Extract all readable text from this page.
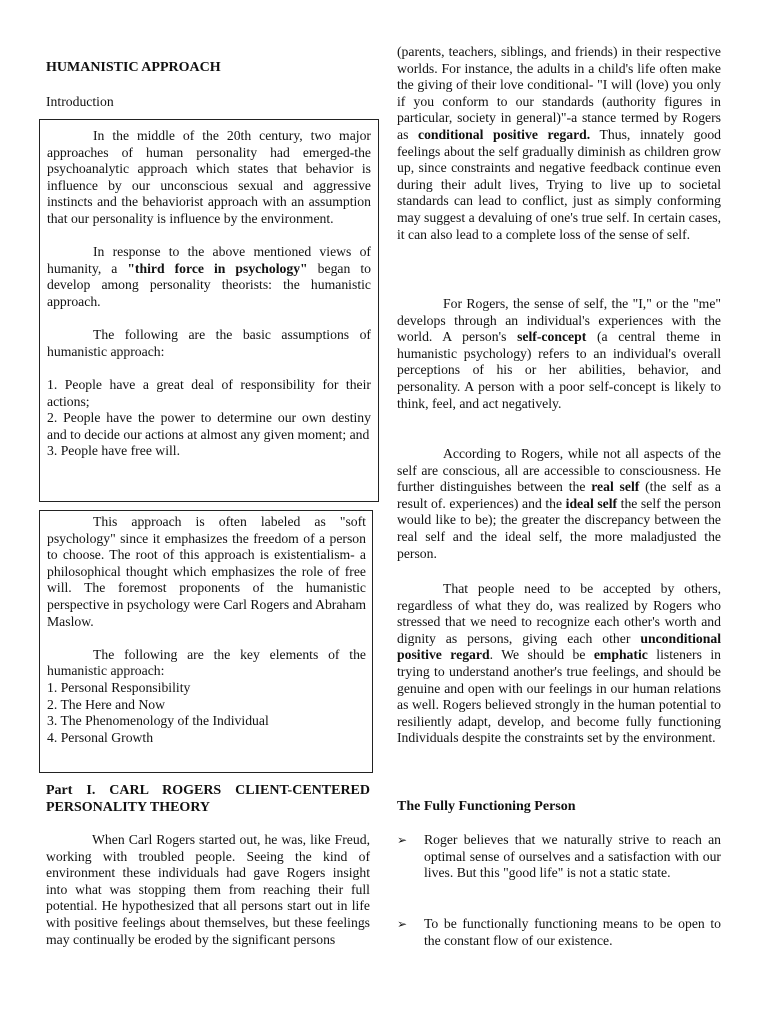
HUMANISTIC APPROACH

Introduction

In the middle of the 20th century, two major approaches of human personality had emerged-the psychoanalytic approach which states that behavior is influence by our unconscious sexual and aggressive instincts and the behaviorist approach with an assumption that our personality is influence by the environment.

In response to the above mentioned views of humanity, a "third force in psychology" began to develop among personality theorists: the humanistic approach.

The following are the basic assumptions of humanistic approach:

1. People have a great deal of responsibility for their actions;
2. People have the power to determine our own destiny and to decide our actions at almost any given moment; and
3. People have free will.

This approach is often labeled as "soft psychology" since it emphasizes the freedom of a person to choose. The root of this approach is existentialism- a philosophical thought which emphasizes the role of free will. The foremost proponents of the humanistic perspective in psychology were Carl Rogers and Abraham Maslow.

The following are the key elements of the humanistic approach:

1. Personal Responsibility
2. The Here and Now
3. The Phenomenology of the Individual
4. Personal Growth

Part I. CARL ROGERS CLIENT-CENTERED PERSONALITY THEORY

When Carl Rogers started out, he was, like Freud, working with troubled people. Seeing the kind of environment these individuals had gave Rogers insight into what was stopping them from reaching their full potential. He hypothesized that all persons start out in life with positive feelings about themselves, but these feelings may continually be eroded by the significant persons

(parents, teachers, siblings, and friends) in their respective worlds. For instance, the adults in a child's life often make the giving of their love conditional- "I will (love) you only if you conform to our standards (authority figures in particular, society in general)"-a stance termed by Rogers as conditional positive regard. Thus, innately good feelings about the self gradually diminish as children grow up, since constraints and negative feedback continue even during their adult lives, Trying to live up to societal standards can lead to conflict, just as simply conforming may suggest a devaluing of one's true self. In certain cases, it can also lead to a complete loss of the sense of self.

For Rogers, the sense of self, the "I," or the "me" develops through an individual's experiences with the world. A person's self-concept (a central theme in humanistic psychology) refers to an individual's overall perceptions of his or her abilities, behavior, and personality. A person with a poor self-concept is likely to think, feel, and act negatively.

According to Rogers, while not all aspects of the self are conscious, all are accessible to consciousness. He further distinguishes between the real self (the self as a result of. experiences) and the ideal self the self the person would like to be); the greater the discrepancy between the real self and the ideal self, the more maladjusted the person.

That people need to be accepted by others, regardless of what they do, was realized by Rogers who stressed that we need to recognize each other's worth and dignity as persons, giving each other unconditional positive regard. We should be emphatic listeners in trying to understand another's true feelings, and should be genuine and open with our feelings in our human relations as well. Rogers believed strongly in the human potential to resiliently adapt, develop, and become fully functioning Individuals despite the constraints set by the environment.

The Fully Functioning Person

➢ Roger believes that we naturally strive to reach an optimal sense of ourselves and a satisfaction with our lives. But this "good life" is not a static state.
➢ To be functionally functioning means to be open to the constant flow of our existence.
